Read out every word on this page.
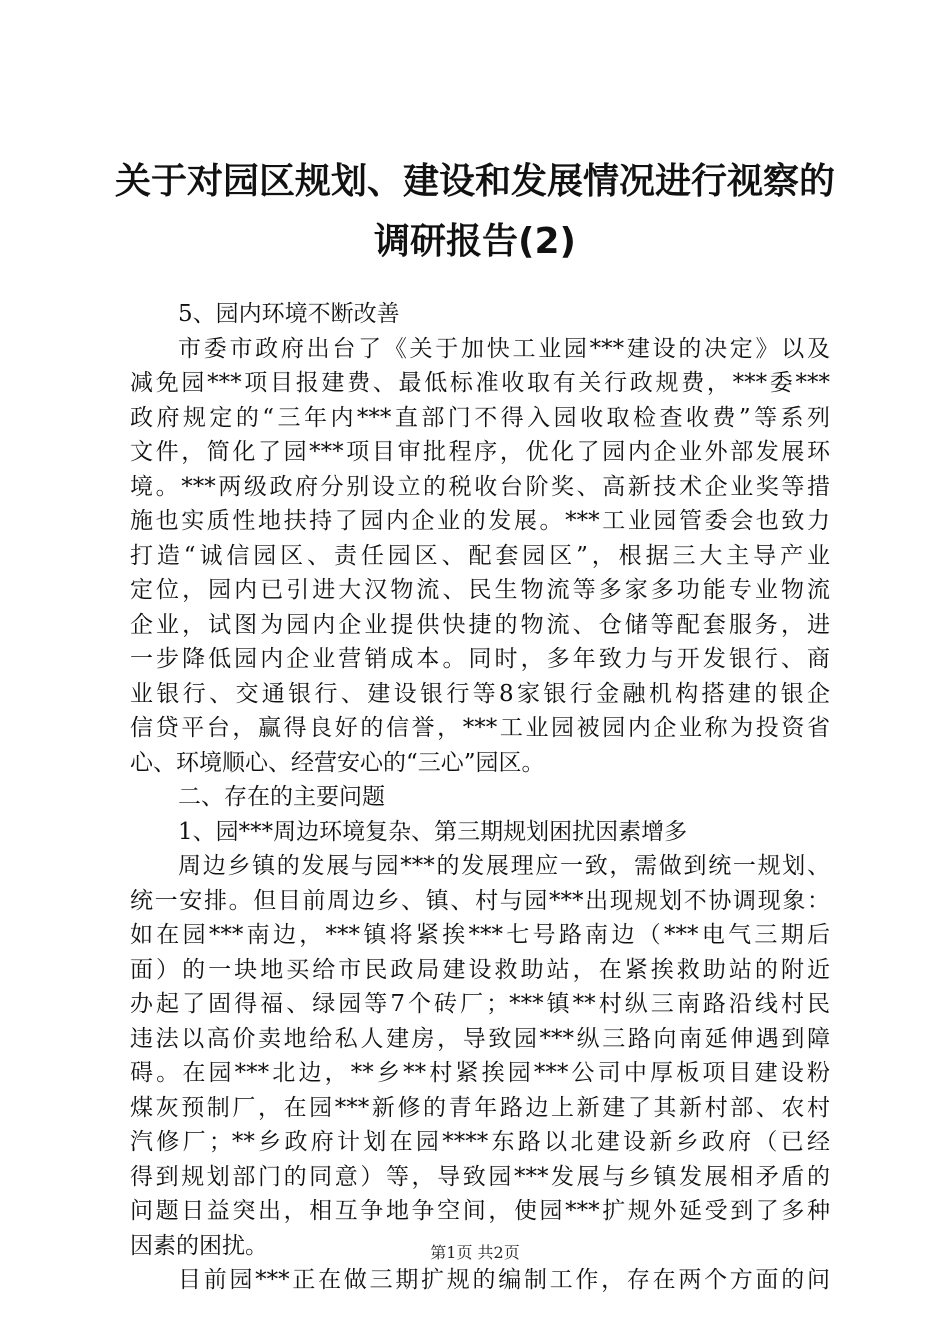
关于对园区规划、建设和发展情况进行视察的
调研报告(2)
5、园内环境不断改善
市委市政府出台了《关于加快工业园***建设的决定》以及
减免园***项目报建费、最低标准收取有关行政规费，***委***
政府规定的“三年内***直部门不得入园收取检查收费”等系列
文件，简化了园***项目审批程序，优化了园内企业外部发展环
境。***两级政府分别设立的税收台阶奖、高新技术企业奖等措
施也实质性地扶持了园内企业的发展。***工业园管委会也致力
打造“诚信园区、责任园区、配套园区”，根据三大主导产业
定位，园内已引进大汉物流、民生物流等多家多功能专业物流
企业，试图为园内企业提供快捷的物流、仓储等配套服务，进
一步降低园内企业营销成本。同时，多年致力与开发银行、商
业银行、交通银行、建设银行等8家银行金融机构搭建的银企
信贷平台，赢得良好的信誉，***工业园被园内企业称为投资省
心、环境顺心、经营安心的“三心”园区。
二、存在的主要问题
1、园***周边环境复杂、第三期规划困扰因素增多
周边乡镇的发展与园***的发展理应一致，需做到统一规划、
统一安排。但目前周边乡、镇、村与园***出现规划不协调现象：
如在园***南边，***镇将紧挨***七号路南边（***电气三期后
面）的一块地买给市民政局建设救助站，在紧挨救助站的附近
办起了固得福、绿园等7个砖厂；***镇**村纵三南路沿线村民
违法以高价卖地给私人建房，导致园***纵三路向南延伸遇到障
碍。在园***北边，**乡**村紧挨园***公司中厚板项目建设粉
煤灰预制厂，在园***新修的青年路边上新建了其新村部、农村
汽修厂；**乡政府计划在园****东路以北建设新乡政府（已经
得到规划部门的同意）等，导致园***发展与乡镇发展相矛盾的
问题日益突出，相互争地争空间，使园***扩规外延受到了多种
因素的困扰。
目前园***正在做三期扩规的编制工作，存在两个方面的问
第1页 共2页
